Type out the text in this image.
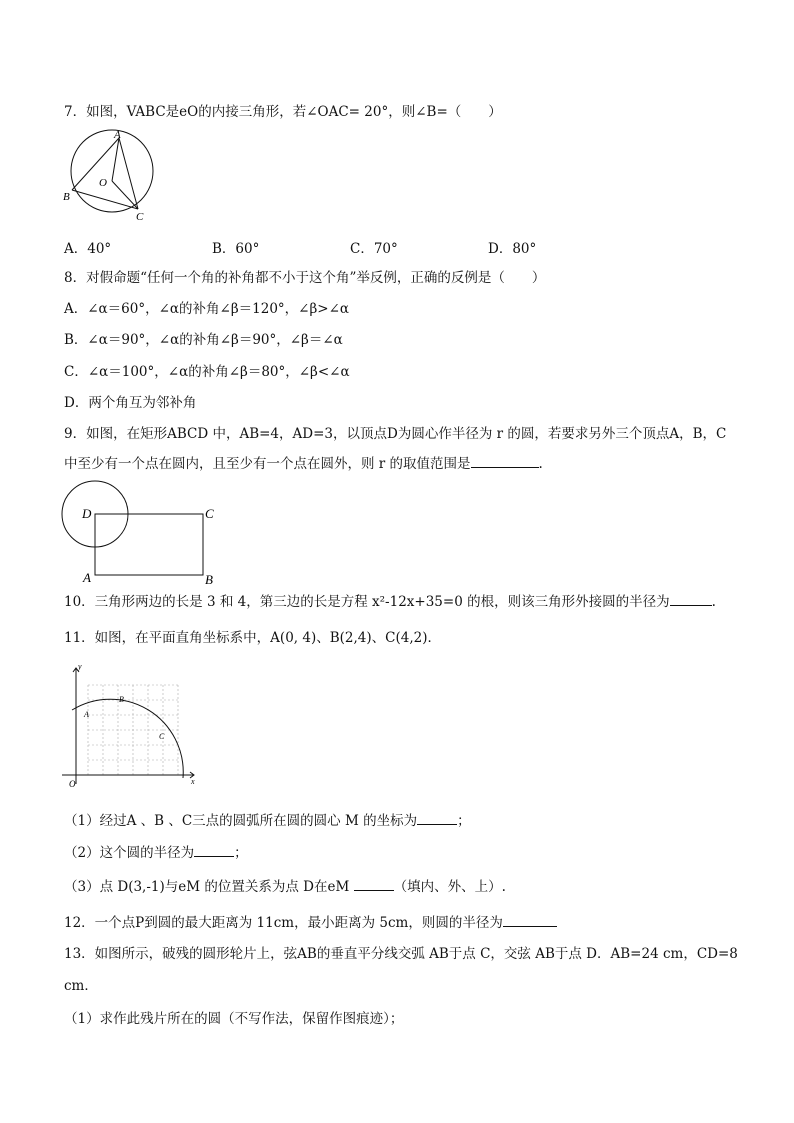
7．如图，VABC是eO的内接三角形，若∠OAC= 20°，则∠B=（　　）
A
B
C
O
A．40°	B．60°	C．70°	D．80°
8．对假命题“任何一个角的补角都不小于这个角”举反例，正确的反例是（　　）
A．∠α＝60°，∠α的补角∠β＝120°，∠β>∠α
B．∠α＝90°，∠α的补角∠β＝90°，∠β＝∠α
C．∠α＝100°，∠α的补角∠β＝80°，∠β<∠α
D．两个角互为邻补角
9．如图，在矩形ABCD 中，AB=4，AD=3，以顶点D为圆心作半径为 r 的圆，若要求另外三个顶点A，B，C
中至少有一个点在圆内，且至少有一个点在圆外，则 r 的取值范围是	.
D	C
A	B
10．三角形两边的长是 3 和 4，第三边的长是方程 x²-12x+35=0 的根，则该三角形外接圆的半径为	.
11．如图，在平面直角坐标系中，A(0, 4)、B(2,4)、C(4,2)．
y
x
O
A
B
C
（1）经过A 、B 、C三点的圆弧所在圆的圆心 M 的坐标为	；
（2）这个圆的半径为	；
（3）点 D(3,-1)与eM 的位置关系为点 D在eM	（填内、外、上）.
12．一个点P到圆的最大距离为 11cm，最小距离为 5cm，则圆的半径为
13．如图所示，破残的圆形轮片上，弦AB的垂直平分线交弧 AB于点 C，交弦 AB于点 D．AB=24 cm，CD=8
cm．
（1）求作此残片所在的圆（不写作法，保留作图痕迹）；
